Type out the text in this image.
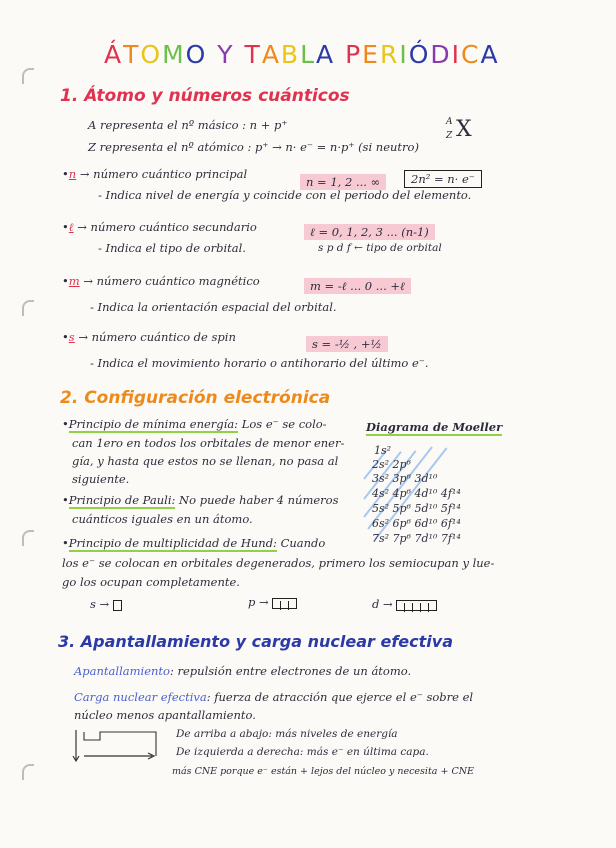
ÁTOMO Y TABLA PERIÓDICA
1. Átomo y números cuánticos
A representa el nº másico : n + p⁺
Z representa el nº atómico : p⁺ → n· e⁻ = n·p⁺ (si neutro)
A
Z X
•n → número cuántico principal
n = 1, 2 ... ∞	2n² = n· e⁻
- Indica nivel de energía y coincide con el periodo del elemento.
•ℓ → número cuántico secundario	ℓ = 0, 1, 2, 3 ... (n-1)
s p d f ← tipo de orbital
- Indica el tipo de orbital.
•m → número cuántico magnético	m = -ℓ ... 0 ... +ℓ
- Indica la orientación espacial del orbital.
•s → número cuántico de spin	s = -½ , +½
- Indica el movimiento horario o antihorario del último e⁻.
2. Configuración electrónica
•Principio de mínima energía: Los e⁻ se colo-
can 1ero en todos los orbitales de menor ener-
gía, y hasta que estos no se llenan, no pasa al
siguiente.
•Principio de Pauli: No puede haber 4 números
cuánticos iguales en un átomo.
•Principio de multiplicidad de Hund: Cuando
los e⁻ se colocan en orbitales degenerados, primero los semiocupan y lue-
go los ocupan completamente.
Diagrama de Moeller
1s²
2s² 2p⁶
3s² 3p⁶ 3d¹⁰
4s² 4p⁶ 4d¹⁰ 4f¹⁴
5s² 5p⁶ 5d¹⁰ 5f¹⁴
6s² 6p⁶ 6d¹⁰ 6f¹⁴
7s² 7p⁶ 7d¹⁰ 7f¹⁴
s →	p →	d →
3. Apantallamiento y carga nuclear efectiva
Apantallamiento: repulsión entre electrones de un átomo.
Carga nuclear efectiva: fuerza de atracción que ejerce el e⁻ sobre el
núcleo menos apantallamiento.
De arriba a abajo: más niveles de energía
De izquierda a derecha: más e⁻ en última capa.
más CNE porque e⁻ están + lejos del núcleo y necesita + CNE
